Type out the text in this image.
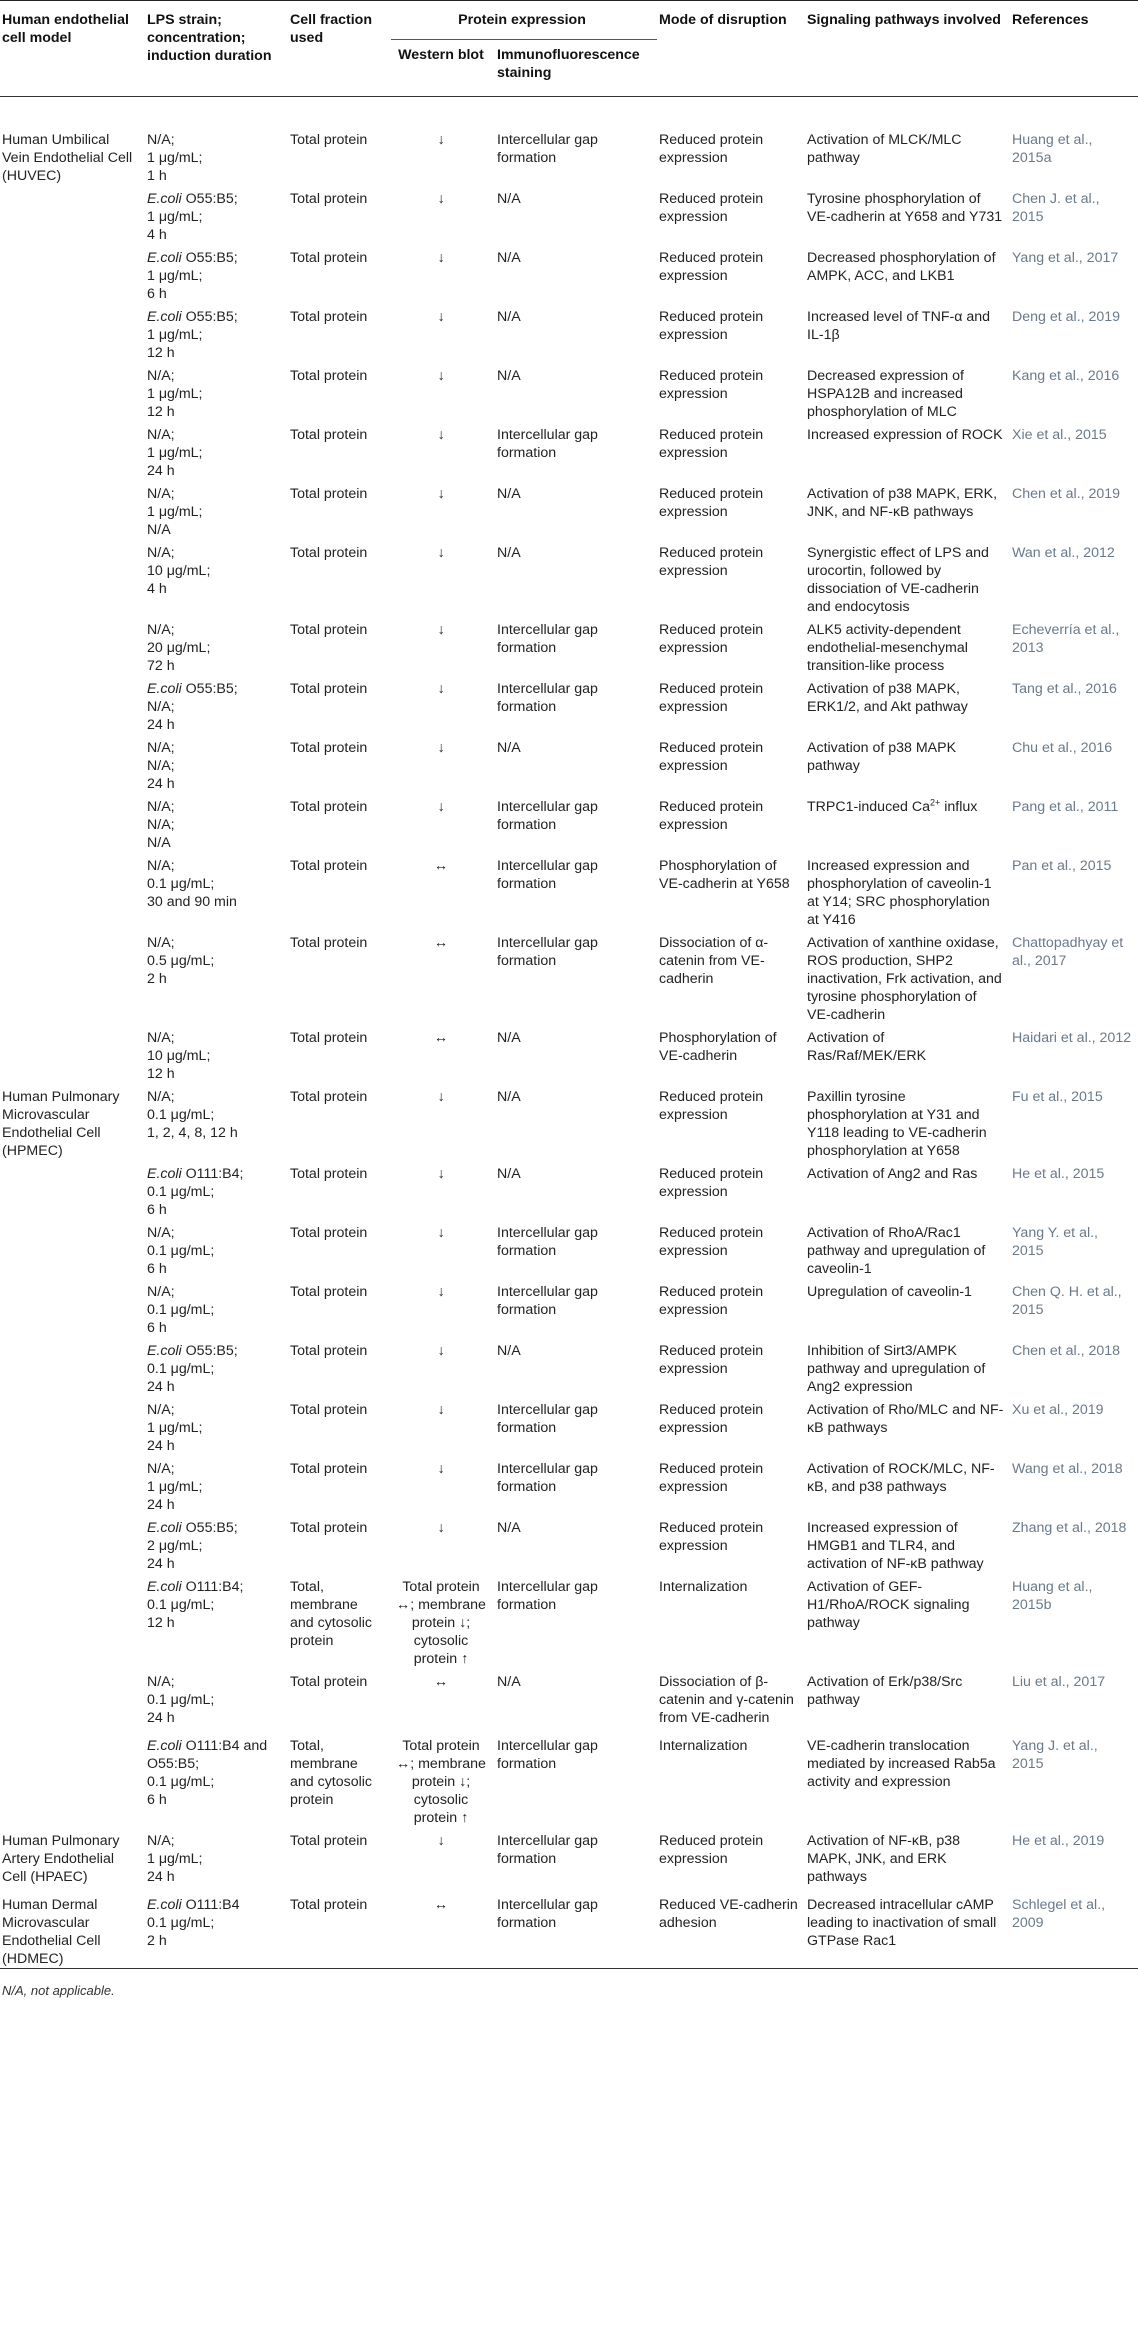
Human endothelial cell model	LPS strain; concentration; induction duration	Cell fraction used	Protein expression		Mode of disruption	Signaling pathways involved	References
			Western blot	Immunofluorescence staining			
Human Umbilical Vein Endothelial Cell (HUVEC)	N/A;
1 μg/mL;
1 h	Total protein	↓	Intercellular gap formation	Reduced protein expression	Activation of MLCK/MLC pathway	Huang et al., 2015a
	E.coli O55:B5;
1 μg/mL;
4 h	Total protein	↓	N/A	Reduced protein expression	Tyrosine phosphorylation of VE-cadherin at Y658 and Y731	Chen J. et al., 2015
	E.coli O55:B5;
1 μg/mL;
6 h	Total protein	↓	N/A	Reduced protein expression	Decreased phosphorylation of AMPK, ACC, and LKB1	Yang et al., 2017
	E.coli O55:B5;
1 μg/mL;
12 h	Total protein	↓	N/A	Reduced protein expression	Increased level of TNF-α and IL-1β	Deng et al., 2019
	N/A;
1 μg/mL;
12 h	Total protein	↓	N/A	Reduced protein expression	Decreased expression of HSPA12B and increased phosphorylation of MLC	Kang et al., 2016
	N/A;
1 μg/mL;
24 h	Total protein	↓	Intercellular gap formation	Reduced protein expression	Increased expression of ROCK	Xie et al., 2015
	N/A;
1 μg/mL;
N/A	Total protein	↓	N/A	Reduced protein expression	Activation of p38 MAPK, ERK, JNK, and NF-κB pathways	Chen et al., 2019
	N/A;
10 μg/mL;
4 h	Total protein	↓	N/A	Reduced protein expression	Synergistic effect of LPS and urocortin, followed by dissociation of VE-cadherin and endocytosis	Wan et al., 2012
	N/A;
20 μg/mL;
72 h	Total protein	↓	Intercellular gap formation	Reduced protein expression	ALK5 activity-dependent endothelial-mesenchymal transition-like process	Echeverría et al., 2013
	E.coli O55:B5;
N/A;
24 h	Total protein	↓	Intercellular gap formation	Reduced protein expression	Activation of p38 MAPK, ERK1/2, and Akt pathway	Tang et al., 2016
	N/A;
N/A;
24 h	Total protein	↓	N/A	Reduced protein expression	Activation of p38 MAPK pathway	Chu et al., 2016
	N/A;
N/A;
N/A	Total protein	↓	Intercellular gap formation	Reduced protein expression	TRPC1-induced $Ca^{2+}$ influx	Pang et al., 2011
	N/A;
0.1 μg/mL;
30 and 90 min	Total protein	↔	Intercellular gap formation	Phosphorylation of VE-cadherin at Y658	Increased expression and phosphorylation of caveolin-1 at Y14; SRC phosphorylation at Y416	Pan et al., 2015
	N/A;
0.5 μg/mL;
2 h	Total protein	↔	Intercellular gap formation	Dissociation of α-catenin from VE-cadherin	Activation of xanthine oxidase, ROS production, SHP2 inactivation, Frk activation, and tyrosine phosphorylation of VE-cadherin	Chattopadhyay et al., 2017
	N/A;
10 μg/mL;
12 h	Total protein	↔	N/A	Phosphorylation of VE-cadherin	Activation of Ras/Raf/MEK/ERK	Haidari et al., 2012
Human Pulmonary Microvascular Endothelial Cell (HPMEC)	N/A;
0.1 μg/mL;
1, 2, 4, 8, 12 h	Total protein	↓	N/A	Reduced protein expression	Paxillin tyrosine phosphorylation at Y31 and Y118 leading to VE-cadherin phosphorylation at Y658	Fu et al., 2015
	E.coli O111:B4;
0.1 μg/mL;
6 h	Total protein	↓	N/A	Reduced protein expression	Activation of Ang2 and Ras	He et al., 2015
	N/A;
0.1 μg/mL;
6 h	Total protein	↓	Intercellular gap formation	Reduced protein expression	Activation of RhoA/Rac1 pathway and upregulation of caveolin-1	Yang Y. et al., 2015
	N/A;
0.1 μg/mL;
6 h	Total protein	↓	Intercellular gap formation	Reduced protein expression	Upregulation of caveolin-1	Chen Q. H. et al., 2015
	E.coli O55:B5;
0.1 μg/mL;
24 h	Total protein	↓	N/A	Reduced protein expression	Inhibition of Sirt3/AMPK pathway and upregulation of Ang2 expression	Chen et al., 2018
	N/A;
1 μg/mL;
24 h	Total protein	↓	Intercellular gap formation	Reduced protein expression	Activation of Rho/MLC and NF-κB pathways	Xu et al., 2019
	N/A;
1 μg/mL;
24 h	Total protein	↓	Intercellular gap formation	Reduced protein expression	Activation of ROCK/MLC, NF-κB, and p38 pathways	Wang et al., 2018
	E.coli O55:B5;
2 μg/mL;
24 h	Total protein	↓	N/A	Reduced protein expression	Increased expression of HMGB1 and TLR4, and activation of NF-κB pathway	Zhang et al., 2018
	E.coli O111:B4;
0.1 μg/mL;
12 h	Total, membrane and cytosolic protein	Total protein ↔; membrane protein ↓; cytosolic protein ↑	Intercellular gap formation	Internalization	Activation of GEF-H1/RhoA/ROCK signaling pathway	Huang et al., 2015b
	N/A;
0.1 μg/mL;
24 h	Total protein	↔	N/A	Dissociation of β-catenin and γ-catenin from VE-cadherin	Activation of Erk/p38/Src pathway	Liu et al., 2017
	E.coli O111:B4 and O55:B5;
0.1 μg/mL;
6 h	Total, membrane and cytosolic protein	Total protein ↔; membrane protein ↓; cytosolic protein ↑	Intercellular gap formation	Internalization	VE-cadherin translocation mediated by increased Rab5a activity and expression	Yang J. et al., 2015
Human Pulmonary Artery Endothelial Cell (HPAEC)	N/A;
1 μg/mL;
24 h	Total protein	↓	Intercellular gap formation	Reduced protein expression	Activation of NF-κB, p38 MAPK, JNK, and ERK pathways	He et al., 2019
Human Dermal Microvascular Endothelial Cell (HDMEC)	E.coli O111:B4
0.1 μg/mL;
2 h	Total protein	↔	Intercellular gap formation	Reduced VE-cadherin adhesion	Decreased intracellular cAMP leading to inactivation of small GTPase Rac1	Schlegel et al., 2009
N/A, not applicable.
